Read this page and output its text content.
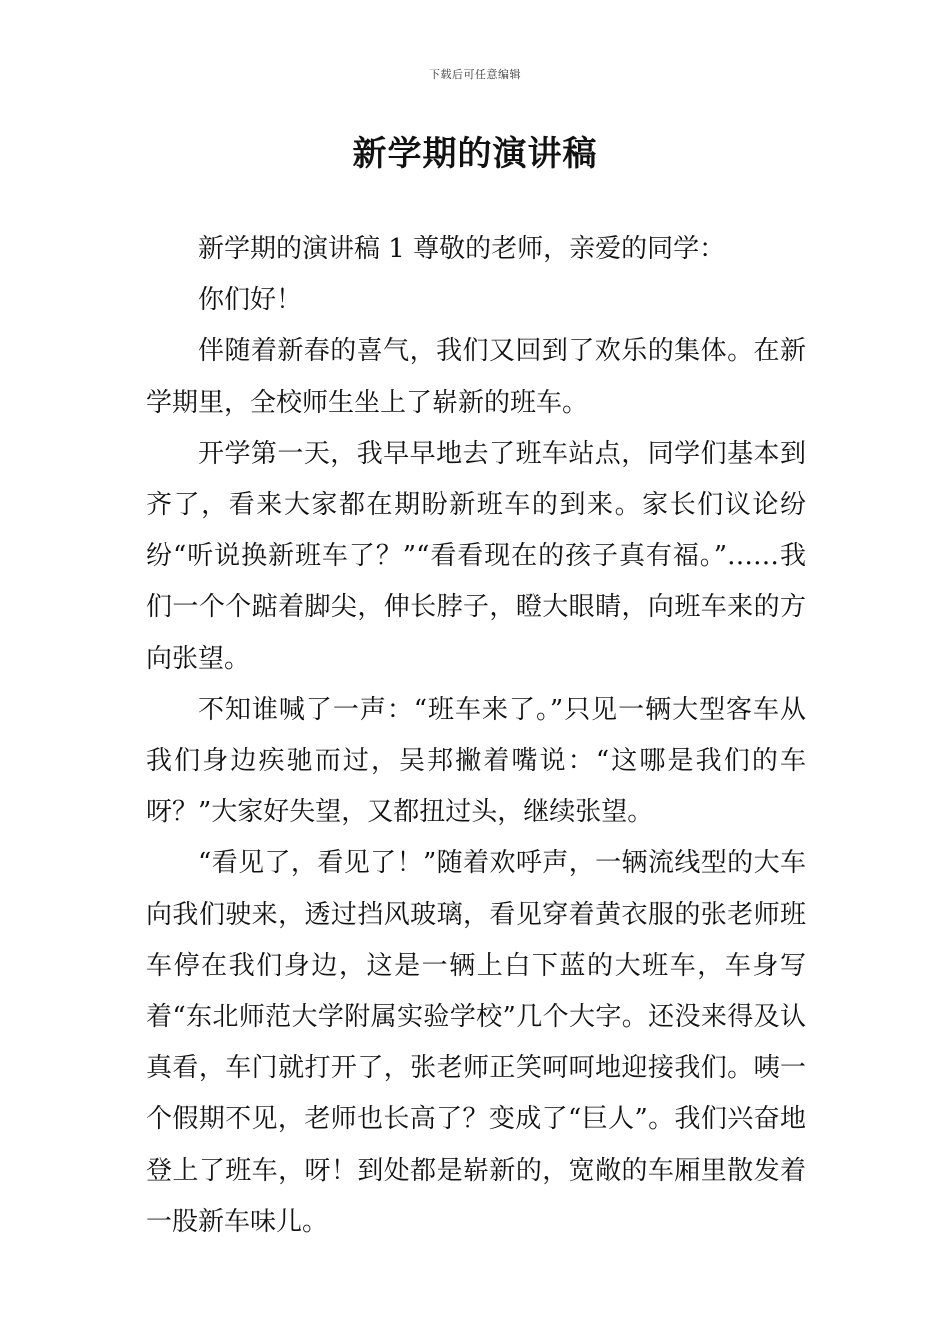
下载后可任意编辑
新学期的演讲稿

新学期的演讲稿 1 尊敬的老师，亲爱的同学：

你们好！

伴随着新春的喜气，我们又回到了欢乐的集体。在新学期里，全校师生坐上了崭新的班车。

开学第一天，我早早地去了班车站点，同学们基本到齐了，看来大家都在期盼新班车的到来。家长们议论纷纷“听说换新班车了？”“看看现在的孩子真有福。”……我们一个个踮着脚尖，伸长脖子，瞪大眼睛，向班车来的方向张望。

不知谁喊了一声：“班车来了。”只见一辆大型客车从我们身边疾驰而过，吴邦撇着嘴说：“这哪是我们的车呀？”大家好失望，又都扭过头，继续张望。

“看见了，看见了！”随着欢呼声，一辆流线型的大车向我们驶来，透过挡风玻璃，看见穿着黄衣服的张老师班车停在我们身边，这是一辆上白下蓝的大班车，车身写着“东北师范大学附属实验学校”几个大字。还没来得及认真看，车门就打开了，张老师正笑呵呵地迎接我们。咦一个假期不见，老师也长高了？变成了“巨人”。我们兴奋地登上了班车，呀！到处都是崭新的，宽敞的车厢里散发着一股新车味儿。
